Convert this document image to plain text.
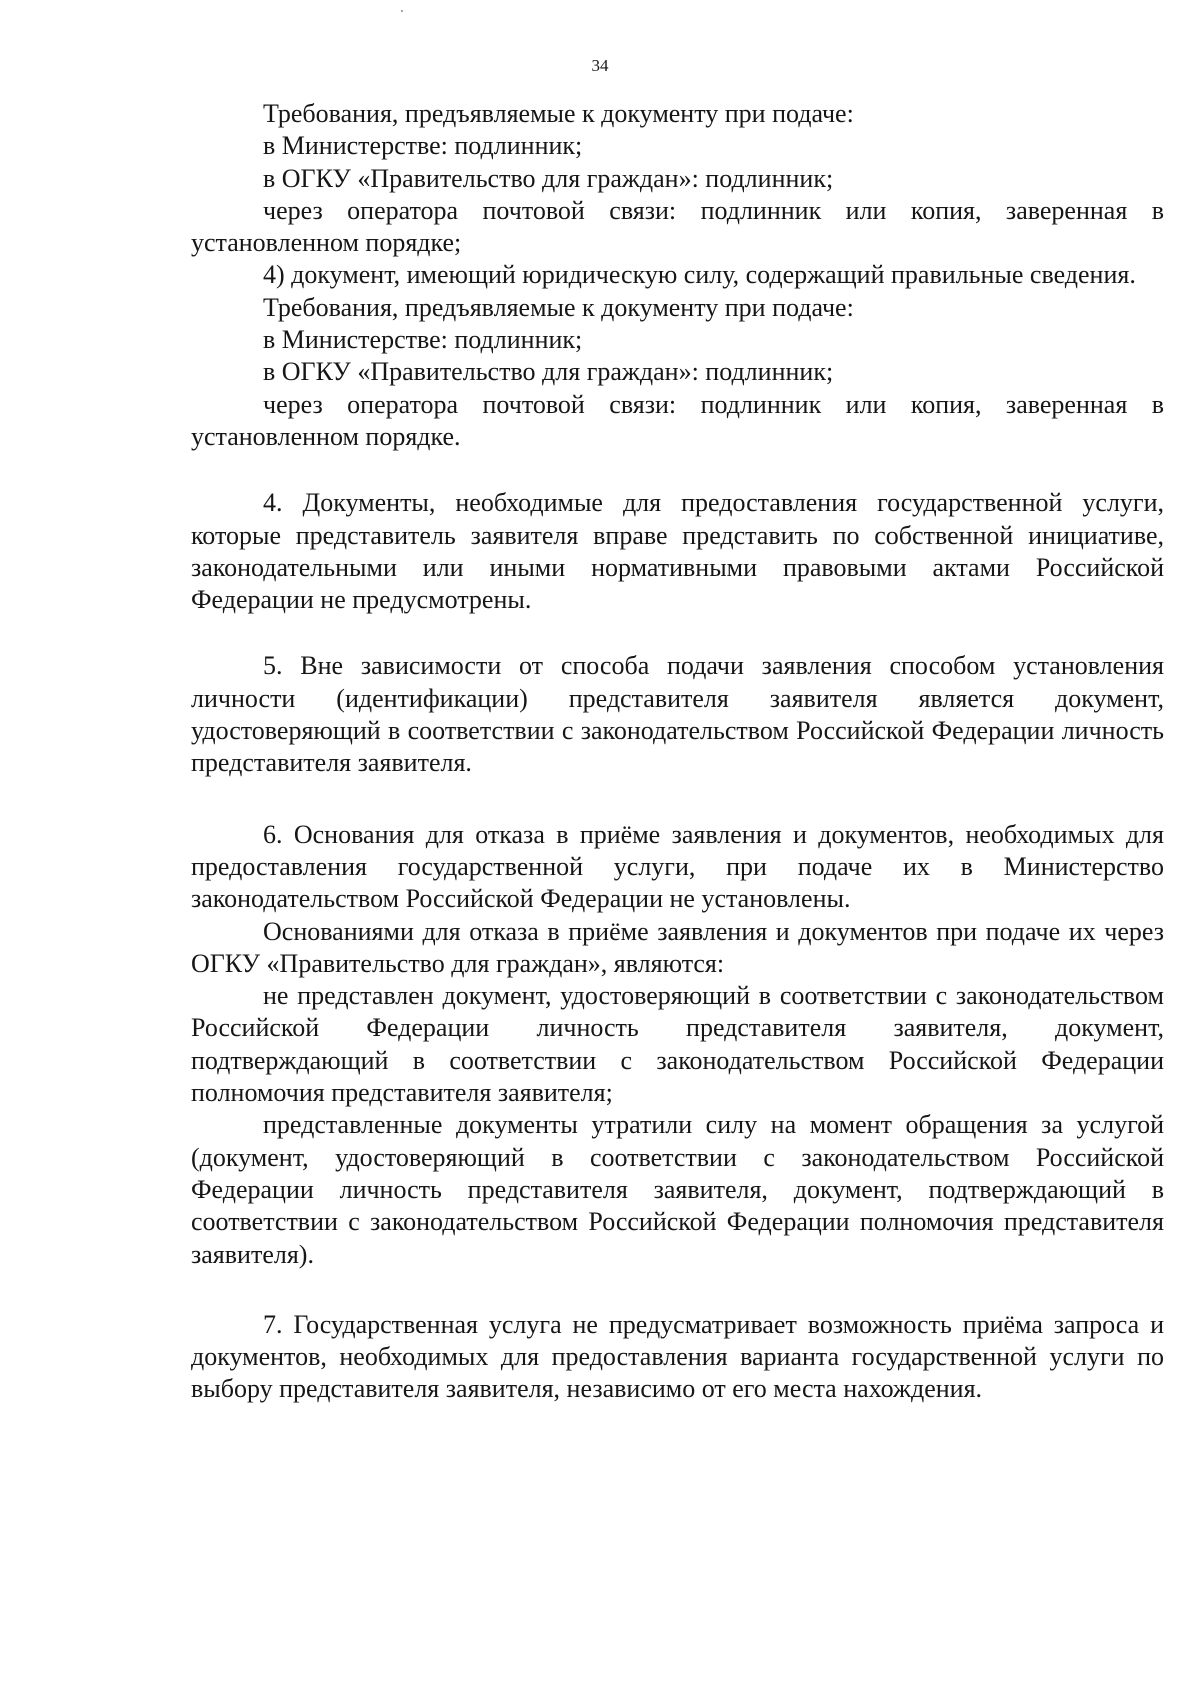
34

Требования, предъявляемые к документу при подаче:

в Министерстве: подлинник;

в ОГКУ «Правительство для граждан»: подлинник;

через оператора почтовой связи: подлинник или копия, заверенная в установленном порядке;

4) документ, имеющий юридическую силу, содержащий правильные сведения.

Требования, предъявляемые к документу при подаче:

в Министерстве: подлинник;

в ОГКУ «Правительство для граждан»: подлинник;

через оператора почтовой связи: подлинник или копия, заверенная в установленном порядке.

4. Документы, необходимые для предоставления государственной услуги, которые представитель заявителя вправе представить по собственной инициативе, законодательными или иными нормативными правовыми актами Российской Федерации не предусмотрены.

5. Вне зависимости от способа подачи заявления способом установления личности (идентификации) представителя заявителя является документ, удостоверяющий в соответствии с законодательством Российской Федерации личность представителя заявителя.

6. Основания для отказа в приёме заявления и документов, необходимых для предоставления государственной услуги, при подаче их в Министерство законодательством Российской Федерации не установлены.

Основаниями для отказа в приёме заявления и документов при подаче их через ОГКУ «Правительство для граждан», являются:

не представлен документ, удостоверяющий в соответствии с законодательством Российской Федерации личность представителя заявителя, документ, подтверждающий в соответствии с законодательством Российской Федерации полномочия представителя заявителя;

представленные документы утратили силу на момент обращения за услугой (документ, удостоверяющий в соответствии с законодательством Российской Федерации личность представителя заявителя, документ, подтверждающий в соответствии с законодательством Российской Федерации полномочия представителя заявителя).

7. Государственная услуга не предусматривает возможность приёма запроса и документов, необходимых для предоставления варианта государственной услуги по выбору представителя заявителя, независимо от его места нахождения.
